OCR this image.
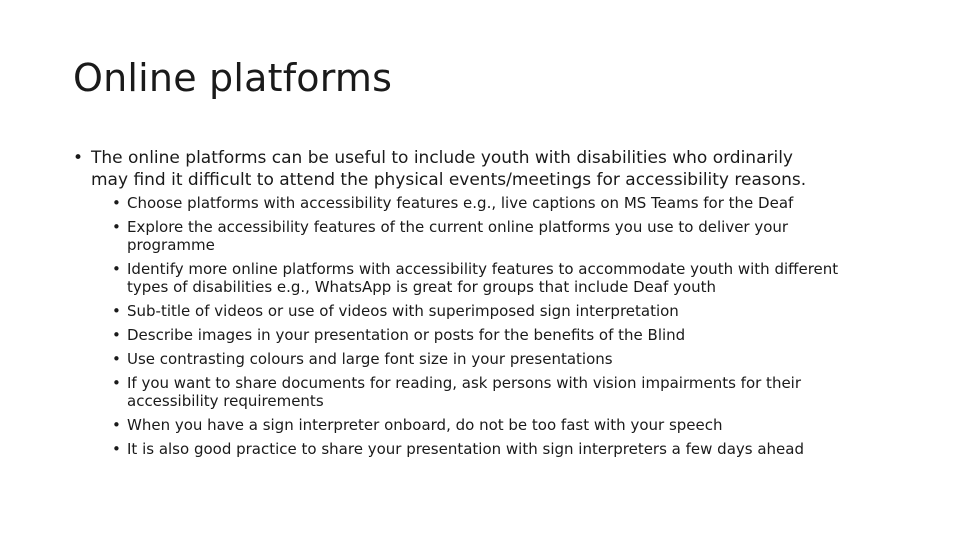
Online platforms
• The online platforms can be useful to include youth with disabilities who ordinarily may find it difficult to attend the physical events/meetings for accessibility reasons.
• Choose platforms with accessibility features e.g., live captions on MS Teams for the Deaf
• Explore the accessibility features of the current online platforms you use to deliver your programme
• Identify more online platforms with accessibility features to accommodate youth with different types of disabilities e.g., WhatsApp is great for groups that include Deaf youth
• Sub-title of videos or use of videos with superimposed sign interpretation
• Describe images in your presentation or posts for the benefits of the Blind
• Use contrasting colours and large font size in your presentations
• If you want to share documents for reading, ask persons with vision impairments for their accessibility requirements
• When you have a sign interpreter onboard, do not be too fast with your speech
• It is also good practice to share your presentation with sign interpreters a few days ahead
